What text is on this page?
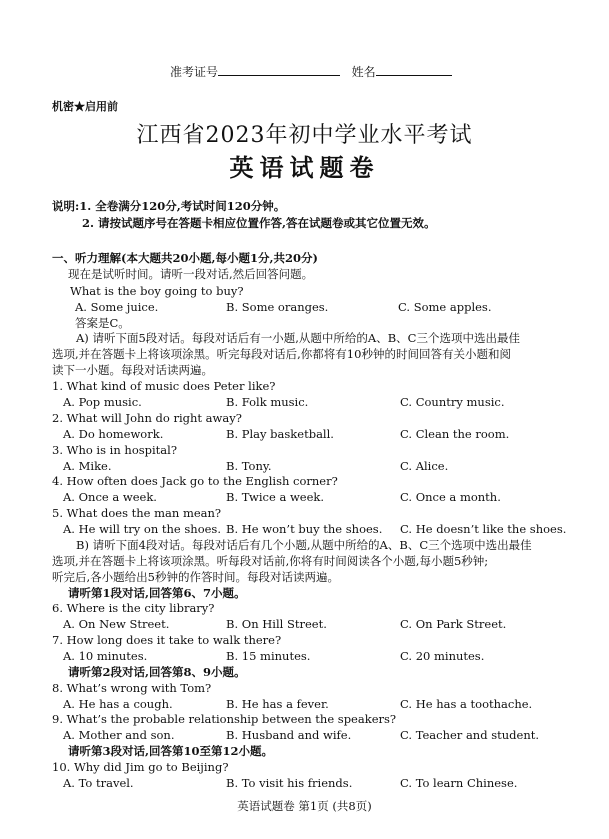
准考证号	姓名
机密★启用前
江西省2023年初中学业水平考试
英语试题卷
说明:1. 全卷满分120分,考试时间120分钟。
2. 请按试题序号在答题卡相应位置作答,答在试题卷或其它位置无效。
一、听力理解(本大题共20小题,每小题1分,共20分)
现在是试听时间。请听一段对话,然后回答问题。
What is the boy going to buy?
A. Some juice.	B. Some oranges.	C. Some apples.
答案是C。
A) 请听下面5段对话。每段对话后有一小题,从题中所给的A、B、C三个选项中选出最佳
选项,并在答题卡上将该项涂黑。听完每段对话后,你都将有10秒钟的时间回答有关小题和阅
读下一小题。每段对话读两遍。
1. What kind of music does Peter like?
A. Pop music.	B. Folk music.	C. Country music.
2. What will John do right away?
A. Do homework.	B. Play basketball.	C. Clean the room.
3. Who is in hospital?
A. Mike.	B. Tony.	C. Alice.
4. How often does Jack go to the English corner?
A. Once a week.	B. Twice a week.	C. Once a month.
5. What does the man mean?
A. He will try on the shoes. B. He won’t buy the shoes. C. He doesn’t like the shoes.
B) 请听下面4段对话。每段对话后有几个小题,从题中所给的A、B、C三个选项中选出最佳
选项,并在答题卡上将该项涂黑。听每段对话前,你将有时间阅读各个小题,每小题5秒钟;
听完后,各小题给出5秒钟的作答时间。每段对话读两遍。
请听第1段对话,回答第6、7小题。
6. Where is the city library?
A. On New Street.	B. On Hill Street.	C. On Park Street.
7. How long does it take to walk there?
A. 10 minutes.	B. 15 minutes.	C. 20 minutes.
请听第2段对话,回答第8、9小题。
8. What’s wrong with Tom?
A. He has a cough.	B. He has a fever.	C. He has a toothache.
9. What’s the probable relationship between the speakers?
A. Mother and son.	B. Husband and wife.	C. Teacher and student.
请听第3段对话,回答第10至第12小题。
10. Why did Jim go to Beijing?
A. To travel.	B. To visit his friends.	C. To learn Chinese.
英语试题卷 第1页 (共8页)
